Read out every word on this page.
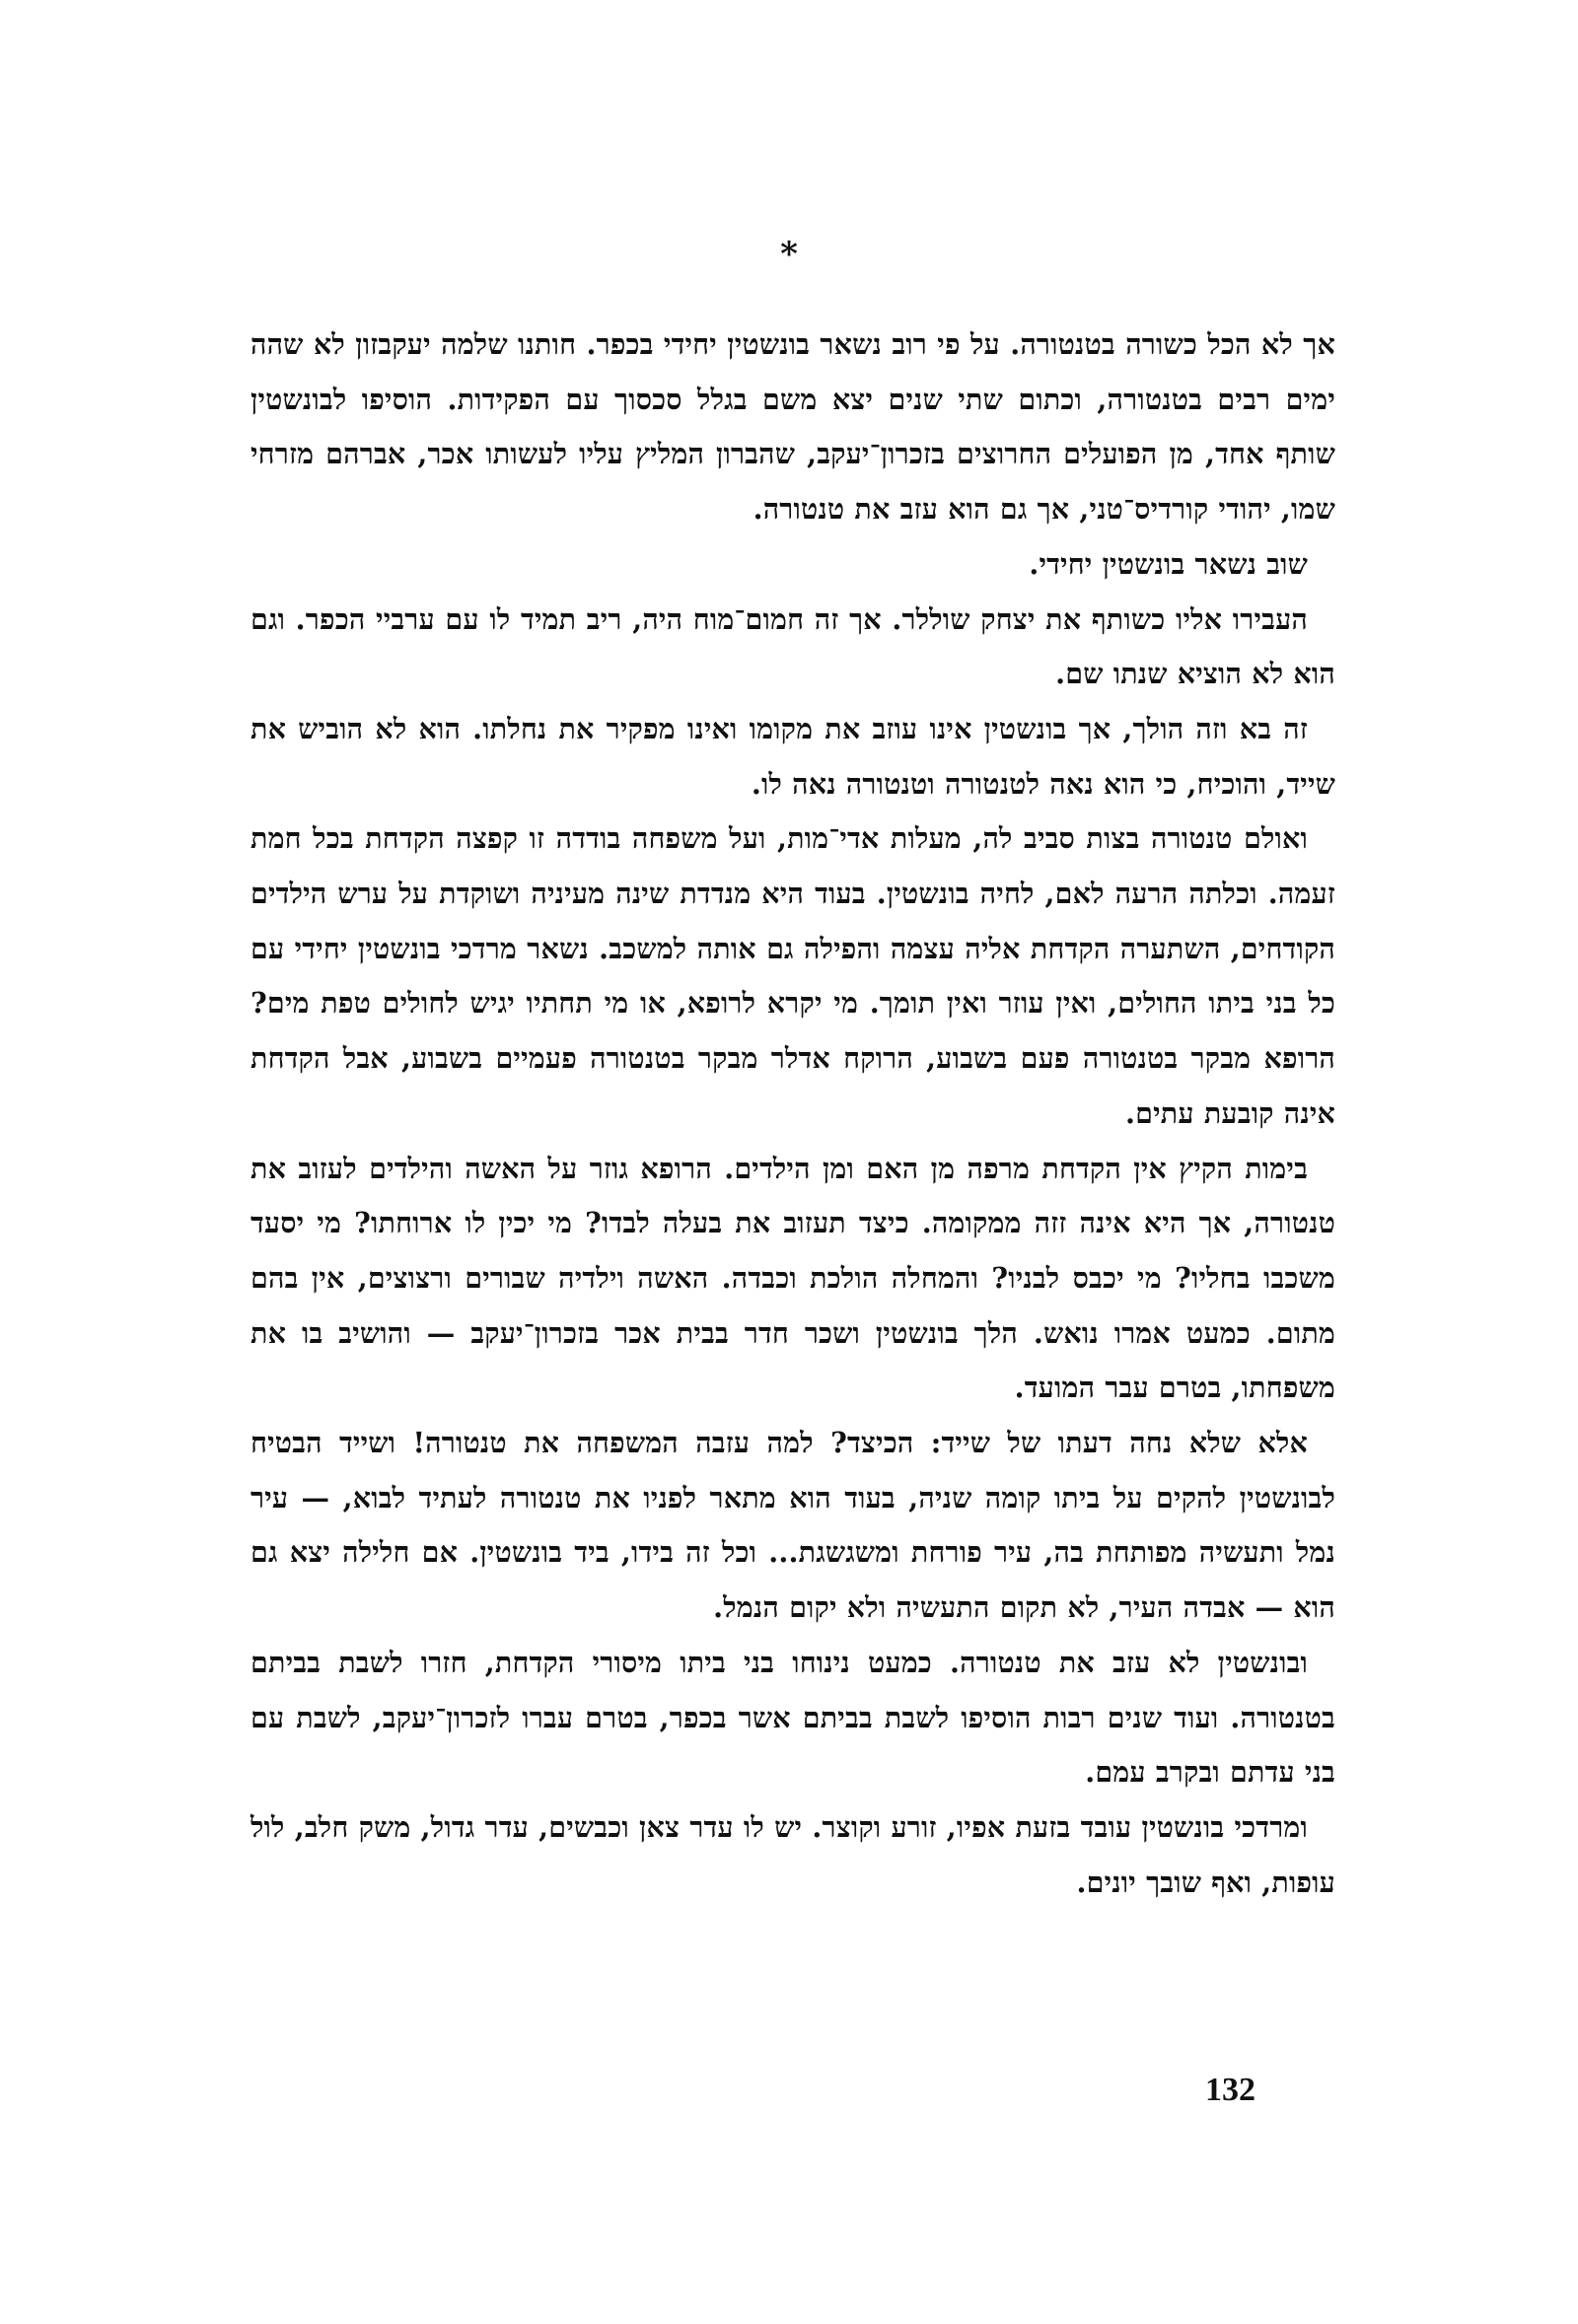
*

אך לא הכל כשורה בטנטורה. על פי רוב נשאר בונשטין יחידי בכפר. חותנו שלמה יעקבזון לא שהה ימים רבים בטנטורה, וכתום שתי שנים יצא משם בגלל סכסוך עם הפקידות. הוסיפו לבונשטין שותף אחד, מן הפועלים החרוצים בזכרון־יעקב, שהברון המליץ עליו לעשותו אכר, אברהם מזרחי שמו, יהודי קורדיס־טני, אך גם הוא עזב את טנטורה.

שוב נשאר בונשטין יחידי.

העבירו אליו כשותף את יצחק שוללר. אך זה חמום־מוח היה, ריב תמיד לו עם ערביי הכפר. וגם הוא לא הוציא שנתו שם.

זה בא וזה הולך, אך בונשטין אינו עוזב את מקומו ואינו מפקיר את נחלתו. הוא לא הוביש את שייד, והוכיח, כי הוא נאה לטנטורה וטנטורה נאה לו.

ואולם טנטורה בצות סביב לה, מעלות אדי־מות, ועל משפחה בודדה זו קפצה הקדחת בכל חמת זעמה. וכלתה הרעה לאם, לחיה בונשטין. בעוד היא מנדדת שינה מעיניה ושוקדת על ערש הילדים הקודחים, השתערה הקדחת אליה עצמה והפילה גם אותה למשכב. נשאר מרדכי בונשטין יחידי עם כל בני ביתו החולים, ואין עוזר ואין תומך. מי יקרא לרופא, או מי תחתיו יגיש לחולים טפת מים? הרופא מבקר בטנטורה פעם בשבוע, הרוקח אדלר מבקר בטנטורה פעמיים בשבוע, אבל הקדחת אינה קובעת עתים.

בימות הקיץ אין הקדחת מרפה מן האם ומן הילדים. הרופא גוזר על האשה והילדים לעזוב את טנטורה, אך היא אינה זזה ממקומה. כיצד תעזוב את בעלה לבדו? מי יכין לו ארוחתו? מי יסעד משכבו בחליו? מי יכבס לבניו? והמחלה הולכת וכבדה. האשה וילדיה שבורים ורצוצים, אין בהם מתום. כמעט אמרו נואש. הלך בונשטין ושכר חדר בבית אכר בזכרון־יעקב — והושיב בו את משפחתו, בטרם עבר המועד.

אלא שלא נחה דעתו של שייד: הכיצד? למה עזבה המשפחה את טנטורה! ושייד הבטיח לבונשטין להקים על ביתו קומה שניה, בעוד הוא מתאר לפניו את טנטורה לעתיד לבוא, — עיר נמל ותעשיה מפותחת בה, עיר פורחת ומשגשגת... וכל זה בידו, ביד בונשטין. אם חלילה יצא גם הוא — אבדה העיר, לא תקום התעשיה ולא יקום הנמל.

ובונשטין לא עזב את טנטורה. כמעט נינוחו בני ביתו מיסורי הקדחת, חזרו לשבת בביתם בטנטורה. ועוד שנים רבות הוסיפו לשבת בביתם אשר בכפר, בטרם עברו לזכרון־יעקב, לשבת עם בני עדתם ובקרב עמם.

ומרדכי בונשטין עובד בזעת אפיו, זורע וקוצר. יש לו עדר צאן וכבשים, עדר גדול, משק חלב, לול עופות, ואף שובך יונים.

132
